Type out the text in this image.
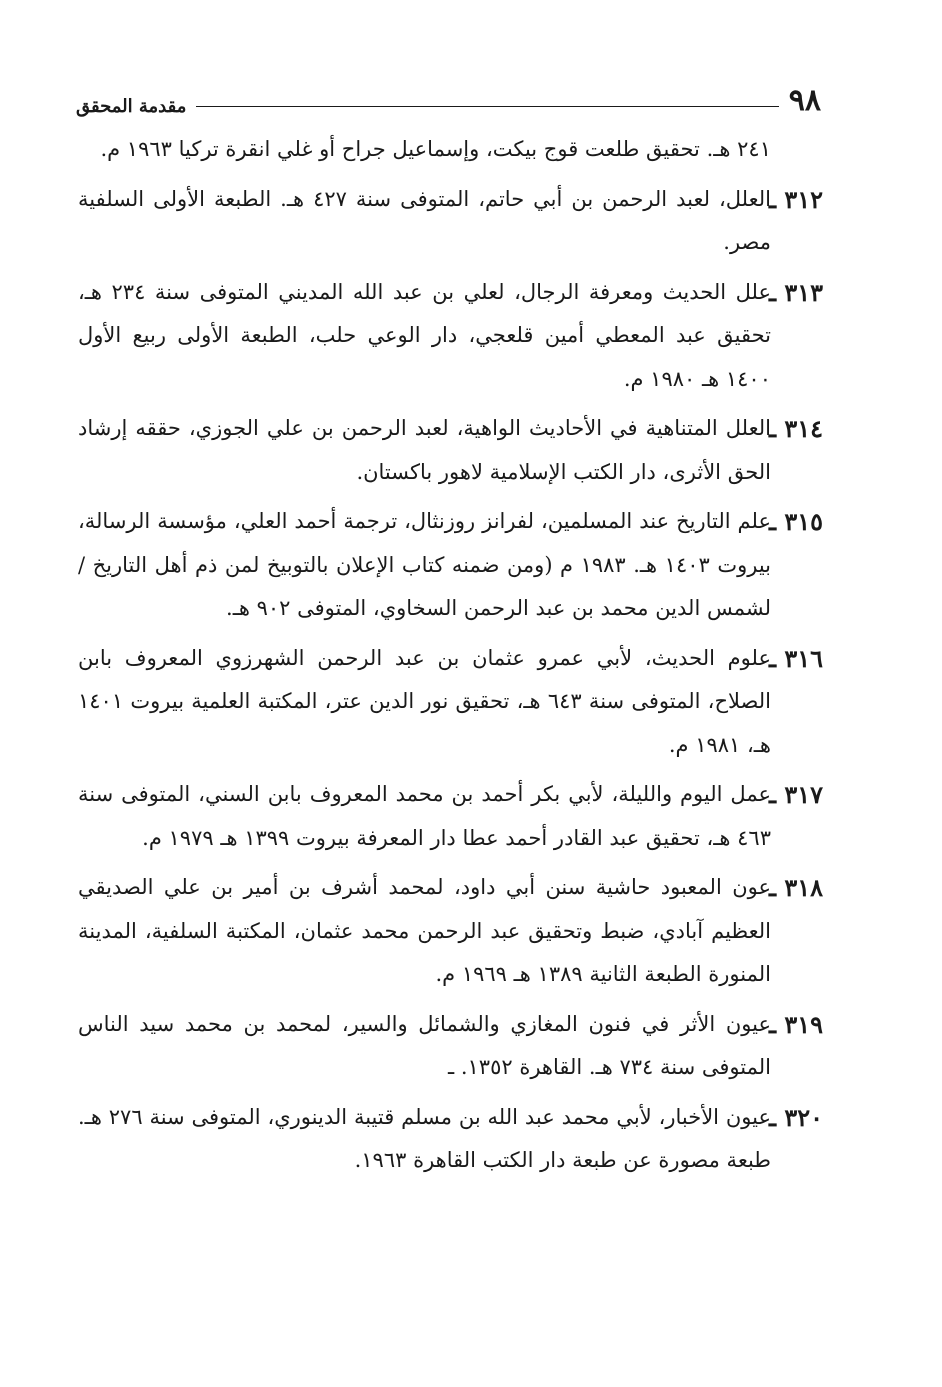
٩٨
مقدمة المحقق
٢٤١ هـ. تحقيق طلعت قوج بيكت، وإسماعيل جراح أو غلي انقرة تركيا ١٩٦٣ م.
٣١٢ ـ
العلل، لعبد الرحمن بن أبي حاتم، المتوفى سنة ٤٢٧ هـ. الطبعة الأولى السلفية مصر.
٣١٣ ـ
علل الحديث ومعرفة الرجال، لعلي بن عبد الله المديني المتوفى سنة ٢٣٤ هـ، تحقيق عبد المعطي أمين قلعجي، دار الوعي حلب، الطبعة الأولى ربيع الأول ١٤٠٠ هـ ١٩٨٠ م.
٣١٤ ـ
العلل المتناهية في الأحاديث الواهية، لعبد الرحمن بن علي الجوزي، حققه إرشاد الحق الأثرى، دار الكتب الإسلامية لاهور باكستان.
٣١٥ ـ
علم التاريخ عند المسلمين، لفرانز روزنثال، ترجمة أحمد العلي، مؤسسة الرسالة، بيروت ١٤٠٣ هـ. ١٩٨٣ م (ومن ضمنه كتاب الإعلان بالتوبيخ لمن ذم أهل التاريخ / لشمس الدين محمد بن عبد الرحمن السخاوي، المتوفى ٩٠٢ هـ.
٣١٦ ـ
علوم الحديث، لأبي عمرو عثمان بن عبد الرحمن الشهرزوي المعروف بابن الصلاح، المتوفى سنة ٦٤٣ هـ، تحقيق نور الدين عتر، المكتبة العلمية بيروت ١٤٠١ هـ، ١٩٨١ م.
٣١٧ ـ
عمل اليوم والليلة، لأبي بكر أحمد بن محمد المعروف بابن السني، المتوفى سنة ٤٦٣ هـ، تحقيق عبد القادر أحمد عطا دار المعرفة بيروت ١٣٩٩ هـ ١٩٧٩ م.
٣١٨ ـ
عون المعبود حاشية سنن أبي داود، لمحمد أشرف بن أمير بن علي الصديقي العظيم آبادي، ضبط وتحقيق عبد الرحمن محمد عثمان، المكتبة السلفية، المدينة المنورة الطبعة الثانية ١٣٨٩ هـ ١٩٦٩ م.
٣١٩ ـ
عيون الأثر في فنون المغازي والشمائل والسير، لمحمد بن محمد سيد الناس المتوفى سنة ٧٣٤ هـ. القاهرة ١٣٥٢. ـ
٣٢٠ ـ
عيون الأخبار، لأبي محمد عبد الله بن مسلم قتيبة الدينوري، المتوفى سنة ٢٧٦ هـ. طبعة مصورة عن طبعة دار الكتب القاهرة ١٩٦٣.
